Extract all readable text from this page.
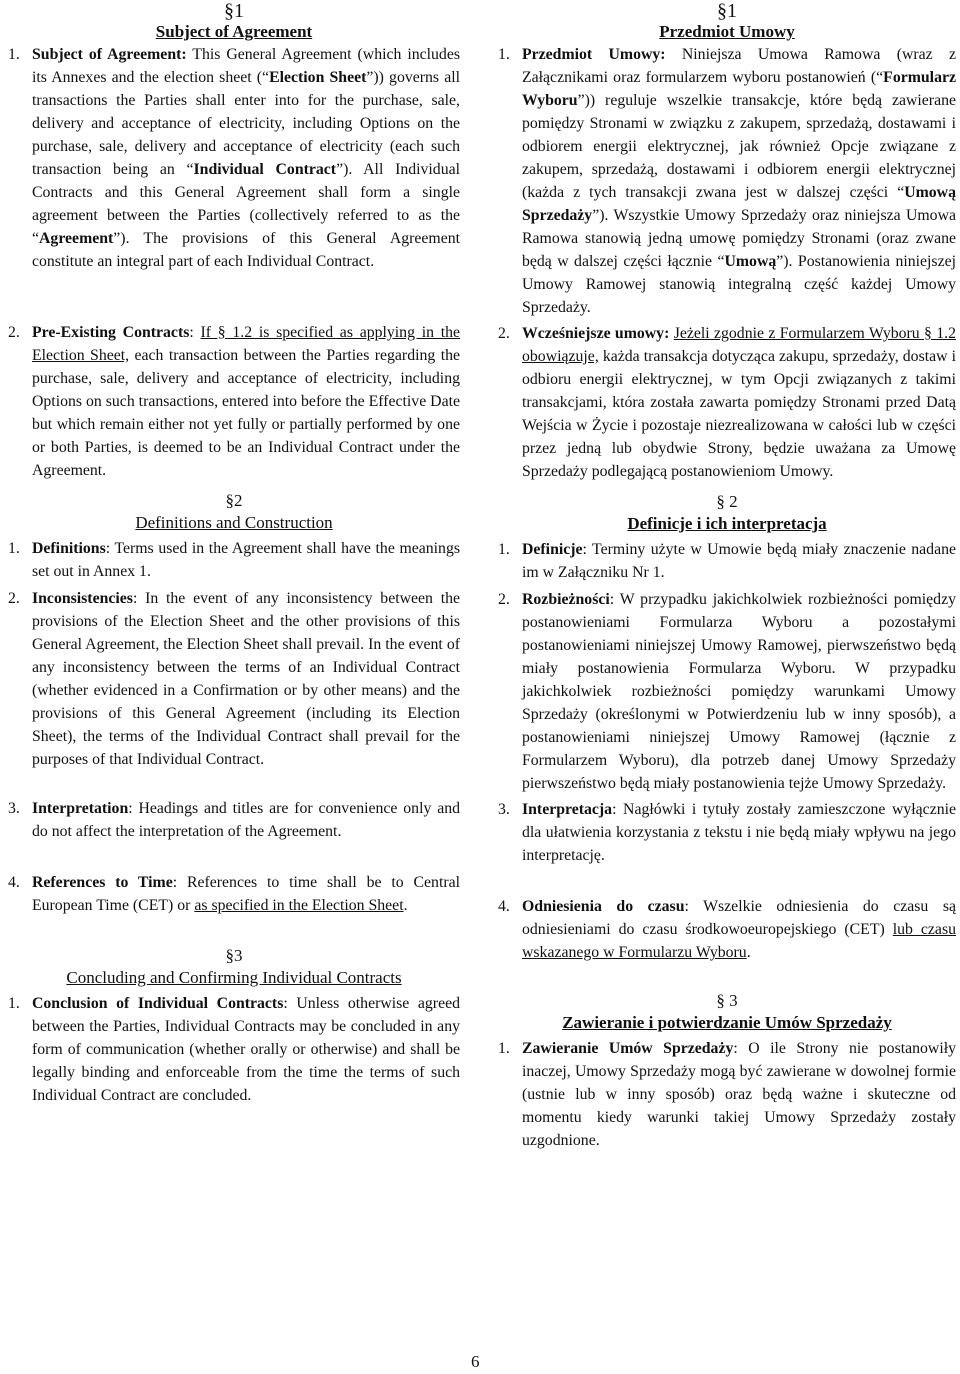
§1
Subject of Agreement

1. Subject of Agreement: This General Agreement (which includes its Annexes and the election sheet (“Election Sheet”)) governs all transactions the Parties shall enter into for the purchase, sale, delivery and acceptance of electricity, including Options on the purchase, sale, delivery and acceptance of electricity (each such transaction being an “Individual Contract”). All Individual Contracts and this General Agreement shall form a single agreement between the Parties (collectively referred to as the “Agreement”). The provisions of this General Agreement constitute an integral part of each Individual Contract.

2. Pre-Existing Contracts: If § 1.2 is specified as applying in the Election Sheet, each transaction between the Parties regarding the purchase, sale, delivery and acceptance of electricity, including Options on such transactions, entered into before the Effective Date but which remain either not yet fully or partially performed by one or both Parties, is deemed to be an Individual Contract under the Agreement.

§2
Definitions and Construction

1. Definitions: Terms used in the Agreement shall have the meanings set out in Annex 1.

2. Inconsistencies: In the event of any inconsistency between the provisions of the Election Sheet and the other provisions of this General Agreement, the Election Sheet shall prevail. In the event of any inconsistency between the terms of an Individual Contract (whether evidenced in a Confirmation or by other means) and the provisions of this General Agreement (including its Election Sheet), the terms of the Individual Contract shall prevail for the purposes of that Individual Contract.

3. Interpretation: Headings and titles are for convenience only and do not affect the interpretation of the Agreement.

4. References to Time: References to time shall be to Central European Time (CET) or as specified in the Election Sheet.

§3
Concluding and Confirming Individual Contracts

1. Conclusion of Individual Contracts: Unless otherwise agreed between the Parties, Individual Contracts may be concluded in any form of communication (whether orally or otherwise) and shall be legally binding and enforceable from the time the terms of such Individual Contract are concluded.

§1
Przedmiot Umowy

1. Przedmiot Umowy: Niniejsza Umowa Ramowa (wraz z Załącznikami oraz formularzem wyboru postanowień (“Formularz Wyboru”)) reguluje wszelkie transakcje, które będą zawierane pomiędzy Stronami w związku z zakupem, sprzedażą, dostawami i odbiorem energii elektrycznej, jak również Opcje związane z zakupem, sprzedażą, dostawami i odbiorem energii elektrycznej (każda z tych transakcji zwana jest w dalszej części “Umową Sprzedaży”). Wszystkie Umowy Sprzedaży oraz niniejsza Umowa Ramowa stanowią jedną umowę pomiędzy Stronami (oraz zwane będą w dalszej części łącznie “Umową”). Postanowienia niniejszej Umowy Ramowej stanowią integralną część każdej Umowy Sprzedaży.

2. Wcześniejsze umowy: Jeżeli zgodnie z Formularzem Wyboru § 1.2 obowiązuje, każda transakcja dotycząca zakupu, sprzedaży, dostaw i odbioru energii elektrycznej, w tym Opcji związanych z takimi transakcjami, która została zawarta pomiędzy Stronami przed Datą Wejścia w Życie i pozostaje niezrealizowana w całości lub w części przez jedną lub obydwie Strony, będzie uważana za Umowę Sprzedaży podlegającą postanowieniom Umowy.

§ 2
Definicje i ich interpretacja

1. Definicje: Terminy użyte w Umowie będą miały znaczenie nadane im w Załączniku Nr 1.

2. Rozbieżności: W przypadku jakichkolwiek rozbieżności pomiędzy postanowieniami Formularza Wyboru a pozostałymi postanowieniami niniejszej Umowy Ramowej, pierwszeństwo będą miały postanowienia Formularza Wyboru. W przypadku jakichkolwiek rozbieżności pomiędzy warunkami Umowy Sprzedaży (określonymi w Potwierdzeniu lub w inny sposób), a postanowieniami niniejszej Umowy Ramowej (łącznie z Formularzem Wyboru), dla potrzeb danej Umowy Sprzedaży pierwszeństwo będą miały postanowienia tejże Umowy Sprzedaży.

3. Interpretacja: Nagłówki i tytuły zostały zamieszczone wyłącznie dla ułatwienia korzystania z tekstu i nie będą miały wpływu na jego interpretację.

4. Odniesienia do czasu: Wszelkie odniesienia do czasu są odniesieniami do czasu środkowoeuropejskiego (CET) lub czasu wskazanego w Formularzu Wyboru.

§ 3
Zawieranie i potwierdzanie Umów Sprzedaży

1. Zawieranie Umów Sprzedaży: O ile Strony nie postanowiły inaczej, Umowy Sprzedaży mogą być zawierane w dowolnej formie (ustnie lub w inny sposób) oraz będą ważne i skuteczne od momentu kiedy warunki takiej Umowy Sprzedaży zostały uzgodnione.

6
